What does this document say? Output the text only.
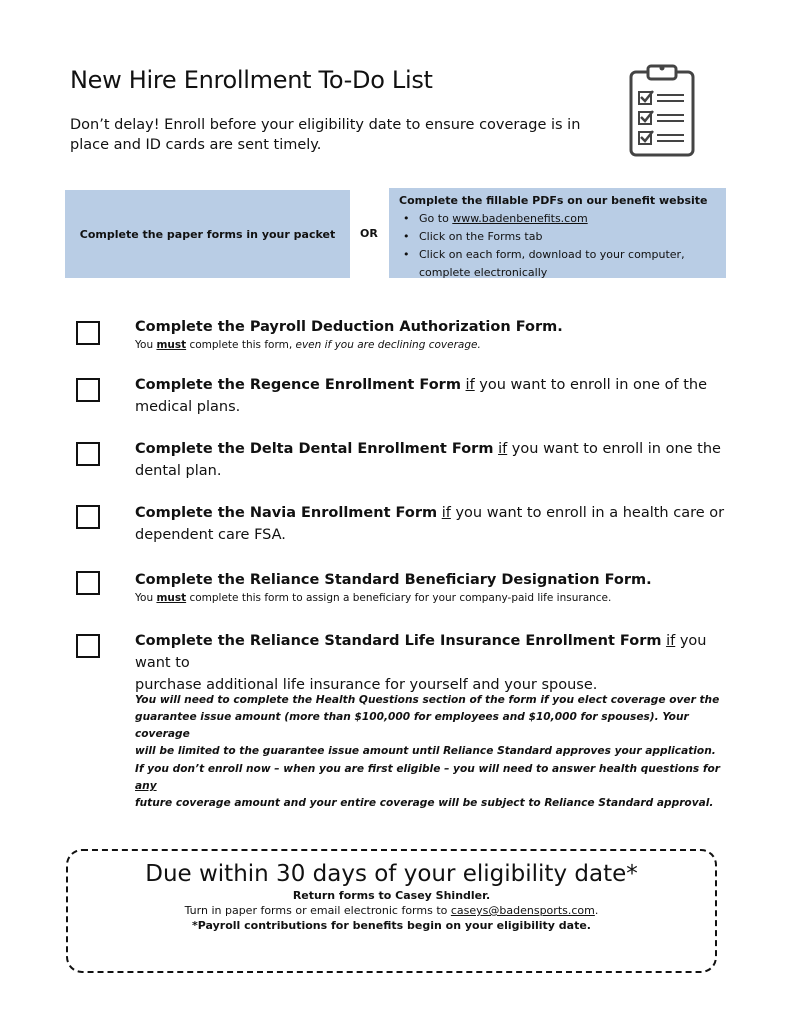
New Hire Enrollment To-Do List
Don’t delay! Enroll before your eligibility date to ensure coverage is in place and ID cards are sent timely.
Complete the paper forms in your packet OR
Complete the fillable PDFs on our benefit website
• Go to www.badenbenefits.com
• Click on the Forms tab
• Click on each form, download to your computer,
complete electronically
Complete the Payroll Deduction Authorization Form.
You must complete this form, even if you are declining coverage.
Complete the Regence Enrollment Form if you want to enroll in one of the
medical plans.
Complete the Delta Dental Enrollment Form if you want to enroll in one the
dental plan.
Complete the Navia Enrollment Form if you want to enroll in a health care or
dependent care FSA.
Complete the Reliance Standard Beneficiary Designation Form.
You must complete this form to assign a beneficiary for your company-paid life insurance.
Complete the Reliance Standard Life Insurance Enrollment Form if you want to
purchase additional life insurance for yourself and your spouse.
You will need to complete the Health Questions section of the form if you elect coverage over the
guarantee issue amount (more than $100,000 for employees and $10,000 for spouses). Your coverage
will be limited to the guarantee issue amount until Reliance Standard approves your application.
If you don’t enroll now – when you are first eligible – you will need to answer health questions for any
future coverage amount and your entire coverage will be subject to Reliance Standard approval.
Due within 30 days of your eligibility date*
Return forms to Casey Shindler.
Turn in paper forms or email electronic forms to caseys@badensports.com.
*Payroll contributions for benefits begin on your eligibility date.
